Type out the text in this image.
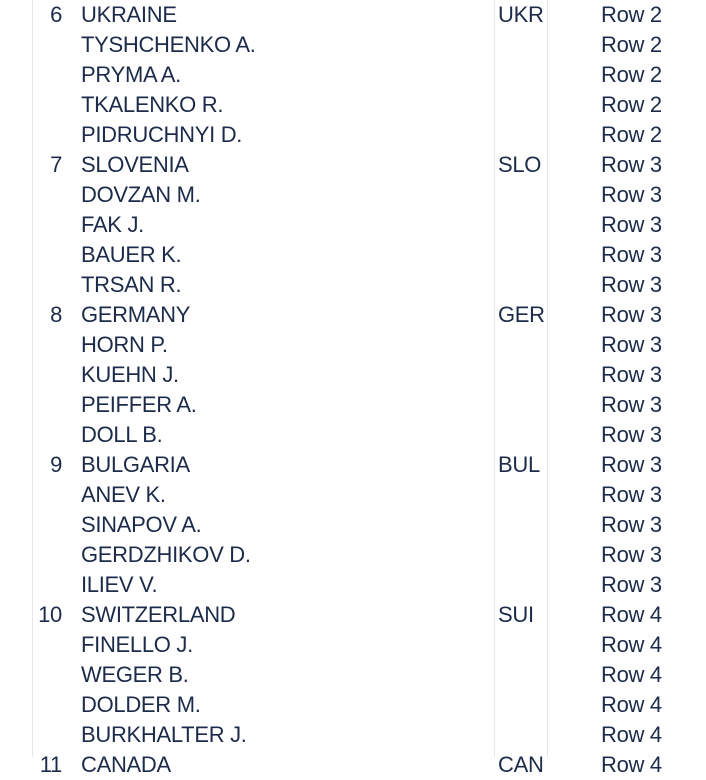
6 UKRAINE	UKR	Row 2
TYSHCHENKO A.	Row 2
PRYMA A.	Row 2
TKALENKO R.	Row 2
PIDRUCHNYI D.	Row 2
7 SLOVENIA	SLO	Row 3
DOVZAN M.	Row 3
FAK J.	Row 3
BAUER K.	Row 3
TRSAN R.	Row 3
8 GERMANY	GER	Row 3
HORN P.	Row 3
KUEHN J.	Row 3
PEIFFER A.	Row 3
DOLL B.	Row 3
9 BULGARIA	BUL	Row 3
ANEV K.	Row 3
SINAPOV A.	Row 3
GERDZHIKOV D.	Row 3
ILIEV V.	Row 3
10 SWITZERLAND	SUI	Row 4
FINELLO J.	Row 4
WEGER B.	Row 4
DOLDER M.	Row 4
BURKHALTER J.	Row 4
11 CANADA	CAN	Row 4
